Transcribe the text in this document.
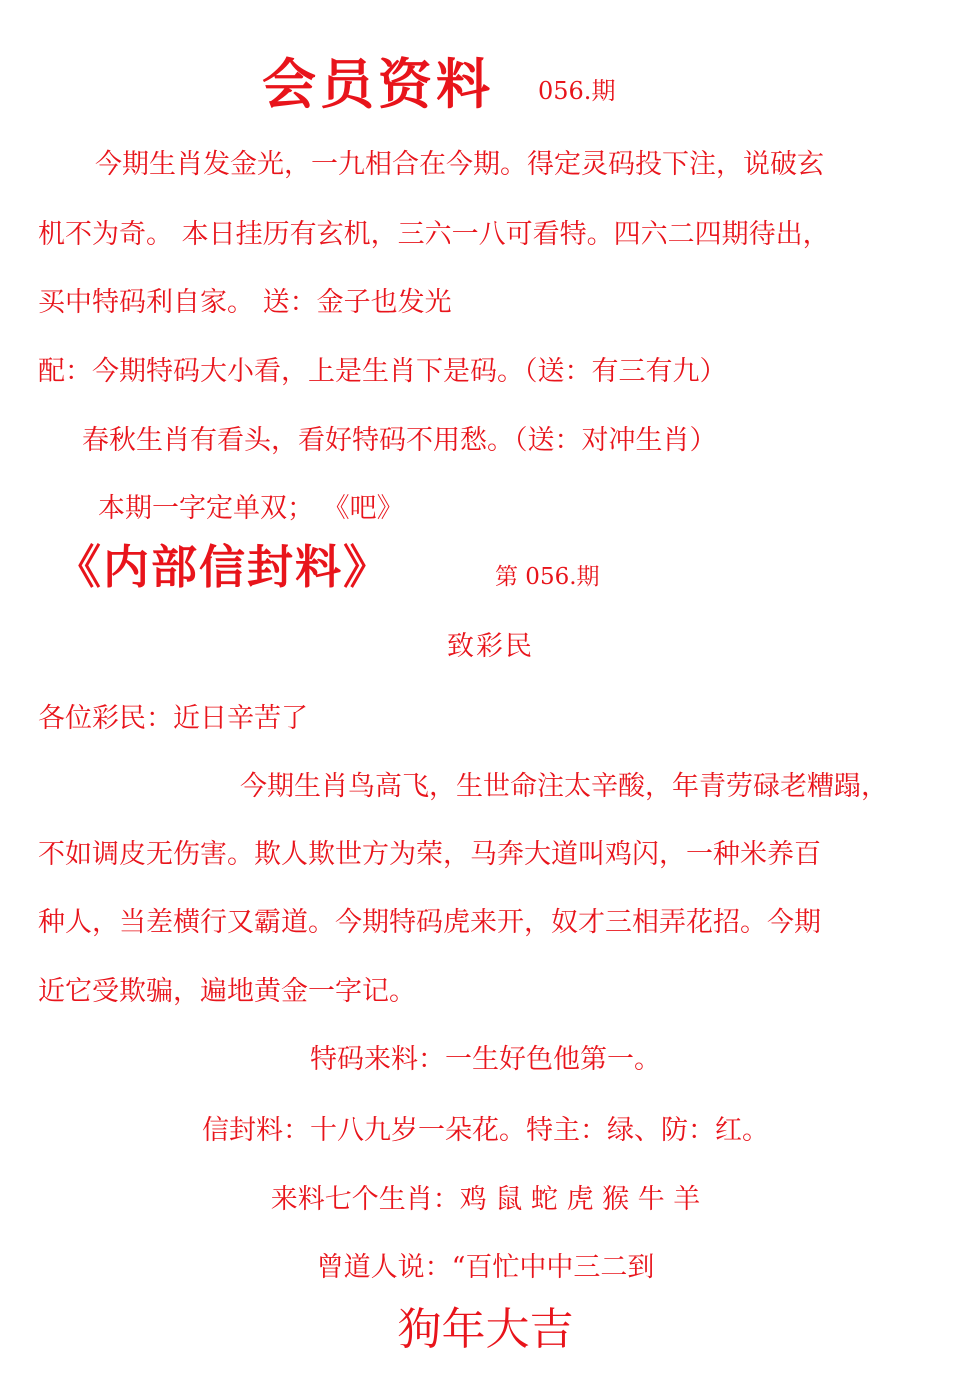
会员资料 056.期
今期生肖发金光，一九相合在今期。得定灵码投下注，说破玄
机不为奇。 本日挂历有玄机，三六一八可看特。四六二四期待出，
买中特码利自家。 送：金子也发光
配：今期特码大小看，上是生肖下是码。（送：有三有九）
春秋生肖有看头，看好特码不用愁。（送：对冲生肖）
本期一字定单双； 《吧》
《内部信封料》	第 056.期
致彩民
各位彩民：近日辛苦了
今期生肖鸟高飞，生世命注太辛酸，年青劳碌老糟蹋，
不如调皮无伤害。欺人欺世方为荣，马奔大道叫鸡闪，一种米养百
种人，当差横行又霸道。今期特码虎来开，奴才三相弄花招。今期
近它受欺骗，遍地黄金一字记。
特码来料：一生好色他第一。
信封料：十八九岁一朵花。特主：绿、防：红。
来料七个生肖：鸡 鼠 蛇 虎 猴 牛 羊
曾道人说：“百忙中中三二到
狗年大吉
